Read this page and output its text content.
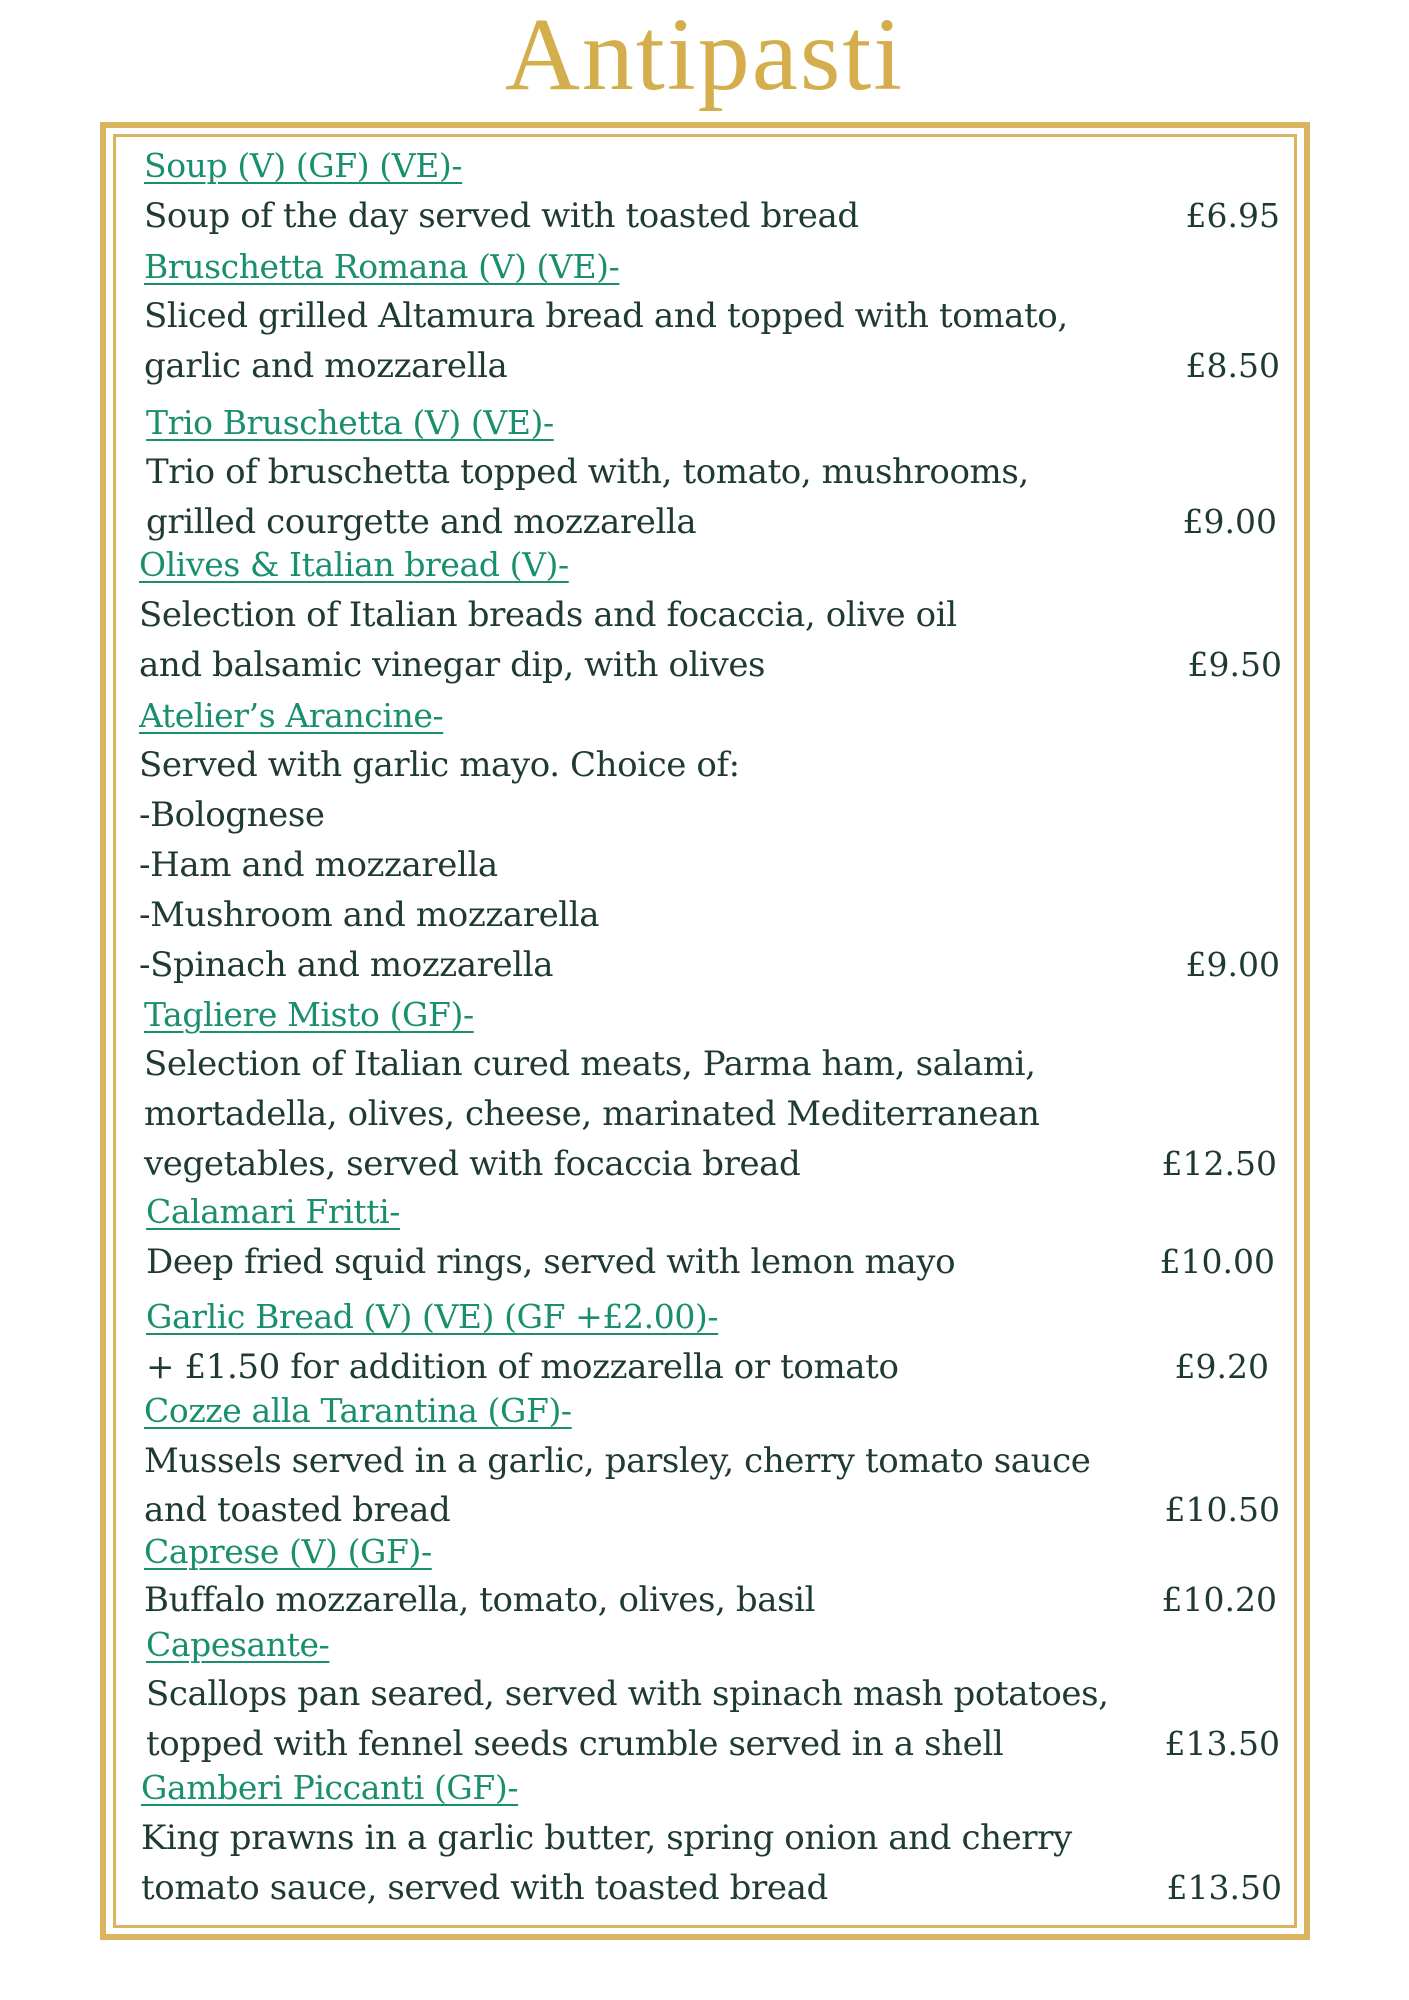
Antipasti
Soup (V) (GF) (VE)-
Soup of the day served with toasted bread	£6.95
Bruschetta Romana (V) (VE)-
Sliced grilled Altamura bread and topped with tomato,
garlic and mozzarella	£8.50
Trio Bruschetta (V) (VE)-
Trio of bruschetta topped with, tomato, mushrooms,
grilled courgette and mozzarella	£9.00
Olives & Italian bread (V)-
Selection of Italian breads and focaccia, olive oil
and balsamic vinegar dip, with olives	£9.50
Atelier’s Arancine-
Served with garlic mayo. Choice of:
-Bolognese
-Ham and mozzarella
-Mushroom and mozzarella
-Spinach and mozzarella	£9.00
Tagliere Misto (GF)-
Selection of Italian cured meats, Parma ham, salami,
mortadella, olives, cheese, marinated Mediterranean
vegetables, served with focaccia bread	£12.50
Calamari Fritti-
Deep fried squid rings, served with lemon mayo	£10.00
Garlic Bread (V) (VE) (GF +£2.00)-
+ £1.50 for addition of mozzarella or tomato	£9.20
Cozze alla Tarantina (GF)-
Mussels served in a garlic, parsley, cherry tomato sauce
and toasted bread	£10.50
Caprese (V) (GF)-
Buffalo mozzarella, tomato, olives, basil	£10.20
Capesante-
Scallops pan seared, served with spinach mash potatoes,
topped with fennel seeds crumble served in a shell	£13.50
Gamberi Piccanti (GF)-
King prawns in a garlic butter, spring onion and cherry
tomato sauce, served with toasted bread	£13.50
